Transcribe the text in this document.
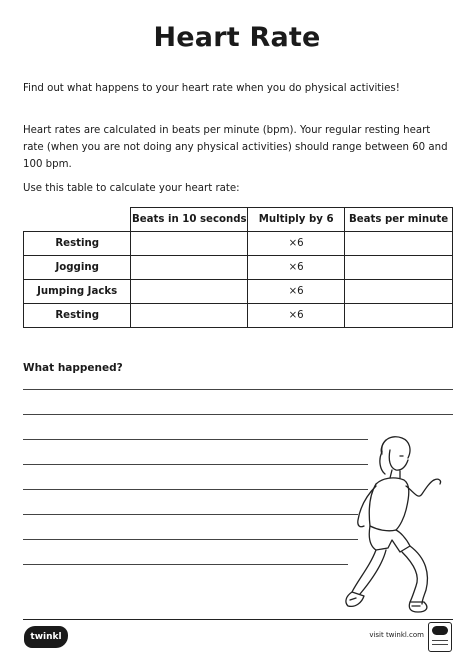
Heart Rate

Find out what happens to your heart rate when you do physical activities!

Heart rates are calculated in beats per minute (bpm). Your regular resting heart rate (when you are not doing any physical activities) should range between 60 and 100 bpm.

Use this table to calculate your heart rate:

	Beats in 10 seconds	Multiply by 6	Beats per minute
Resting		×6	
Jogging		×6	
Jumping Jacks		×6	
Resting		×6	

What happened?

twinkl	visit twinkl.com
